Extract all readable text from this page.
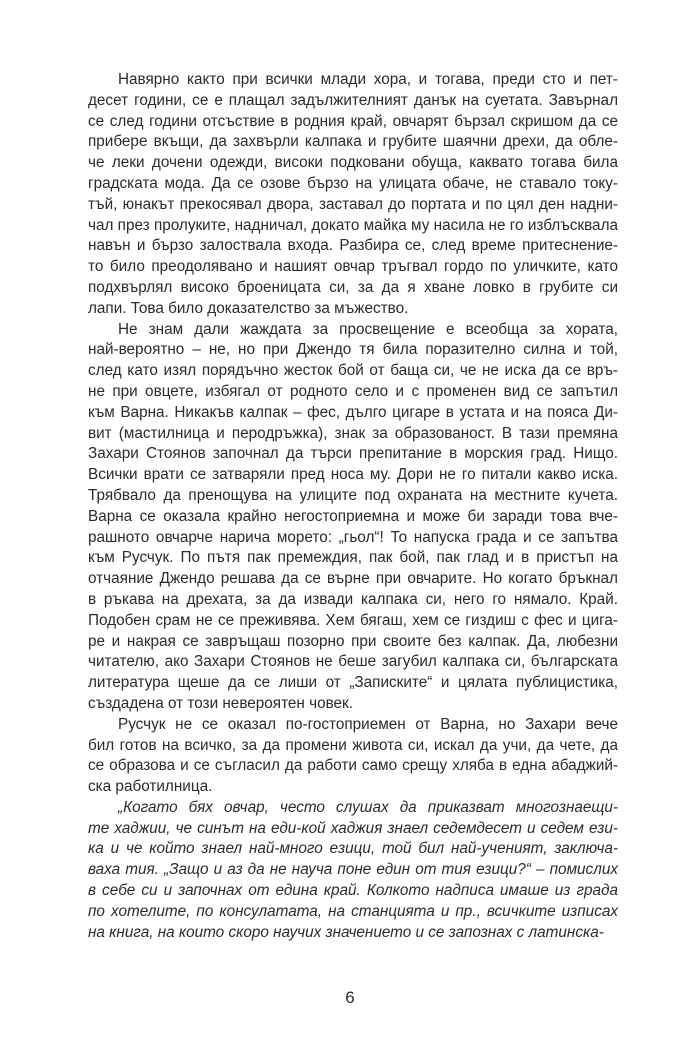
Навярно както при всички млади хора, и тогава, преди сто и пет-
десет години, се е плащал задължителният данък на суетата. Завърнал
се след години отсъствие в родния край, овчарят бързал скришом да се
прибере вкъщи, да захвърли калпака и грубите шаячни дрехи, да обле-
че леки дочени одежди, високи подковани обуща, каквато тогава била
градската мода. Да се озове бързо на улицата обаче, не ставало току-
тъй, юнакът прекосявал двора, заставал до портата и по цял ден надни-
чал през пролуките, надничал, докато майка му насила не го изблъсквала
навън и бързо залоствала входа. Разбира се, след време притеснение-
то било преодолявано и нашият овчар тръгвал гордо по уличките, като
подхвърлял високо броеницата си, за да я хване ловко в грубите си
лапи. Това било доказателство за мъжество.
Не знам дали жаждата за просвещение е всеобща за хората,
най-вероятно – не, но при Джендо тя била поразително силна и той,
след като изял порядъчно жесток бой от баща си, че не иска да се връ-
не при овцете, избягал от родното село и с променен вид се запътил
към Варна. Никакъв калпак – фес, дълго цигаре в устата и на пояса Ди-
вит (мастилница и перодръжка), знак за образованост. В тази премяна
Захари Стоянов започнал да търси препитание в морския град. Нищо.
Всички врати се затваряли пред носа му. Дори не го питали какво иска.
Трябвало да пренощува на улиците под охраната на местните кучета.
Варна се оказала крайно негостоприемна и може би заради това вче-
рашното овчарче нарича морето: „гьол“! То напуска града и се запътва
към Русчук. По пътя пак премеждия, пак бой, пак глад и в пристъп на
отчаяние Джендо решава да се върне при овчарите. Но когато бръкнал
в ръкава на дрехата, за да извади калпака си, него го нямало. Край.
Подобен срам не се преживява. Хем бягаш, хем се гиздиш с фес и цига-
ре и накрая се завръщаш позорно при своите без калпак. Да, любезни
читателю, ако Захари Стоянов не беше загубил калпака си, българската
литература щеше да се лиши от „Записките“ и цялата публицистика,
създадена от този невероятен човек.
Русчук не се оказал по-гостоприемен от Варна, но Захари вече
бил готов на всичко, за да промени живота си, искал да учи, да чете, да
се образова и се съгласил да работи само срещу хляба в една абаджий-
ска работилница.
„Когато бях овчар, често слушах да приказват многознаещи-
те хаджии, че синът на еди-кой хаджия знаел седемдесет и седем ези-
ка и че който знаел най-много езици, той бил най-ученият, заключа-
ваха тия. „Защо и аз да не науча поне един от тия езици?“ – помислих
в себе си и започнах от едина край. Колкото надписа имаше из града
по хотелите, по консулатата, на станцията и пр., всичките изписах
на книга, на които скоро научих значението и се запознах с латинска-
6
